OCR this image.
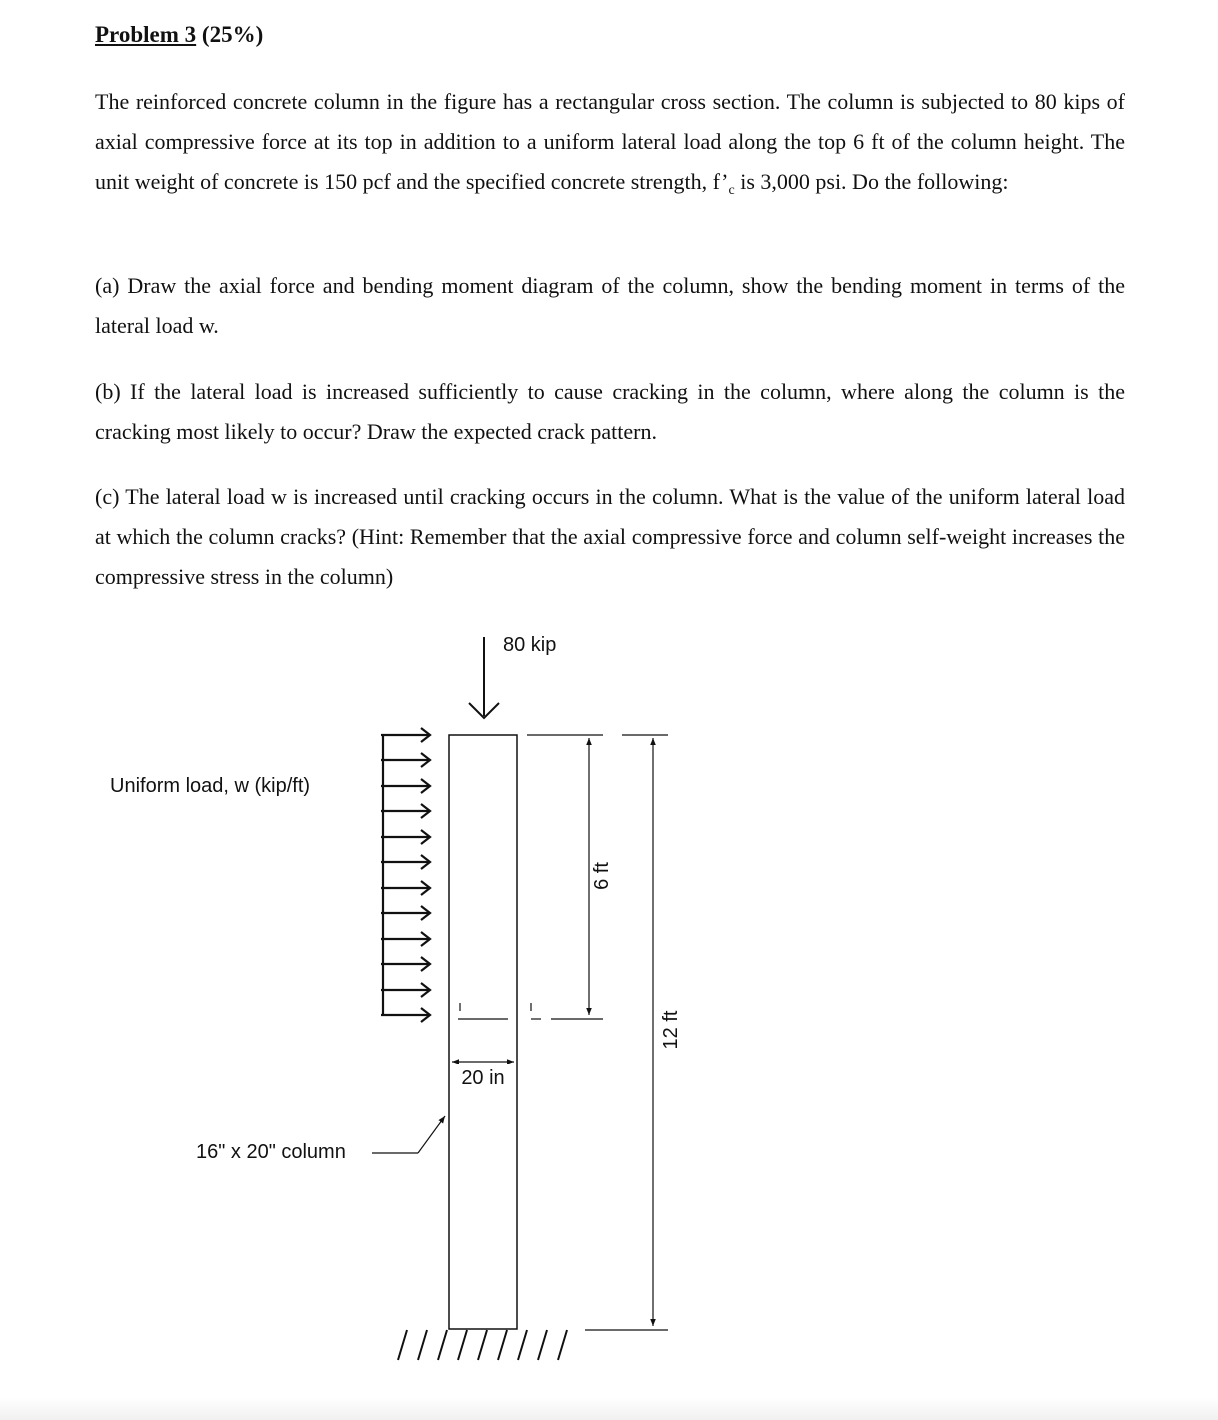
Problem 3 (25%)

The reinforced concrete column in the figure has a rectangular cross section. The column is subjected to 80 kips of axial compressive force at its top in addition to a uniform lateral load along the top 6 ft of the column height. The unit weight of concrete is 150 pcf and the specified concrete strength, $f’_c$ is 3,000 psi. Do the following:

(a) Draw the axial force and bending moment diagram of the column, show the bending moment in terms of the lateral load w.

(b) If the lateral load is increased sufficiently to cause cracking in the column, where along the column is the cracking most likely to occur? Draw the expected crack pattern.

(c) The lateral load w is increased until cracking occurs in the column. What is the value of the uniform lateral load at which the column cracks? (Hint: Remember that the axial compressive force and column self-weight increases the compressive stress in the column)

80 kip
Uniform load, w (kip/ft)
6 ft
12 ft
20 in
16" x 20" column
